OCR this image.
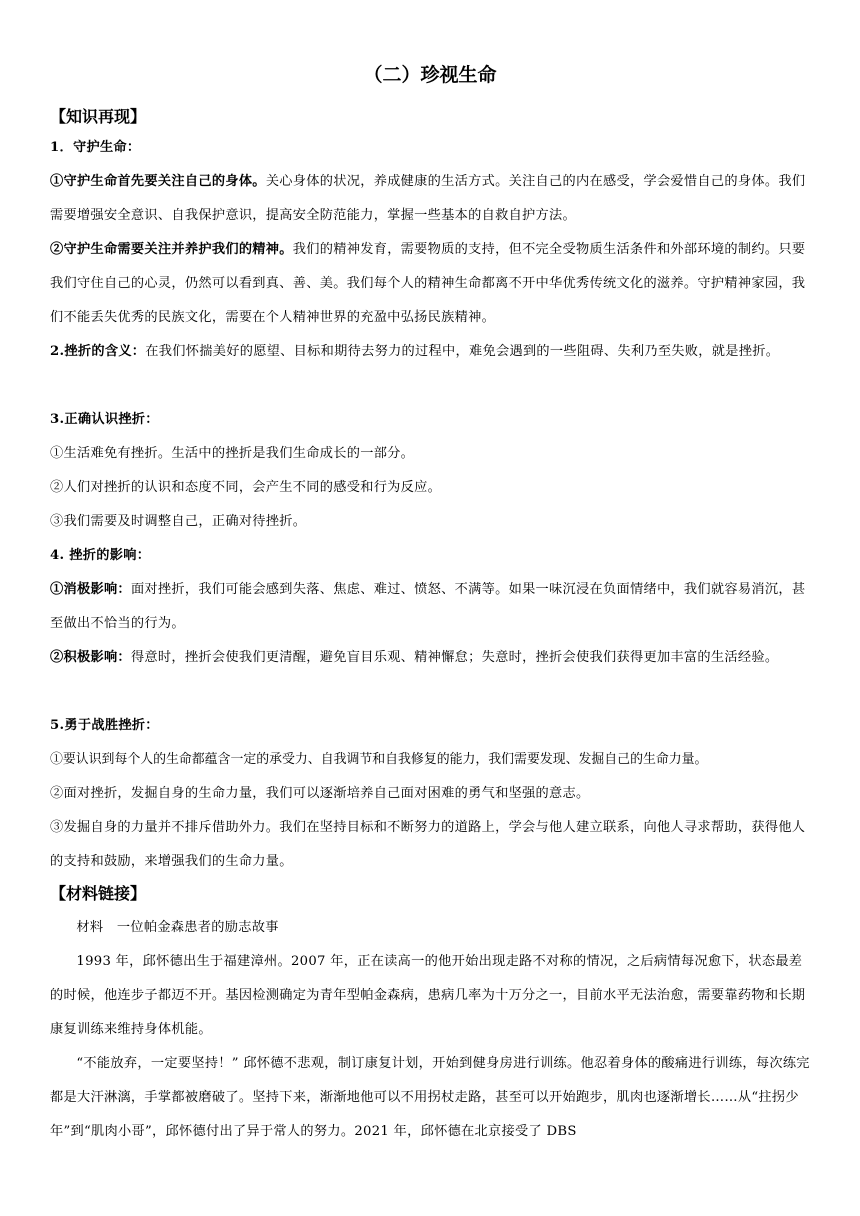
（二）珍视生命
【知识再现】
1．守护生命：
①守护生命首先要关注自己的身体。关心身体的状况，养成健康的生活方式。关注自己的内在感受，学会爱惜自己的身体。我们需要增强安全意识、自我保护意识，提高安全防范能力，掌握一些基本的自救自护方法。
②守护生命需要关注并养护我们的精神。我们的精神发育，需要物质的支持，但不完全受物质生活条件和外部环境的制约。只要我们守住自己的心灵，仍然可以看到真、善、美。我们每个人的精神生命都离不开中华优秀传统文化的滋养。守护精神家园，我们不能丢失优秀的民族文化，需要在个人精神世界的充盈中弘扬民族精神。
2.挫折的含义：在我们怀揣美好的愿望、目标和期待去努力的过程中，难免会遇到的一些阻碍、失利乃至失败，就是挫折。
3.正确认识挫折：
①生活难免有挫折。生活中的挫折是我们生命成长的一部分。
②人们对挫折的认识和态度不同，会产生不同的感受和行为反应。
③我们需要及时调整自己，正确对待挫折。
4. 挫折的影响：
①消极影响：面对挫折，我们可能会感到失落、焦虑、难过、愤怒、不满等。如果一味沉浸在负面情绪中，我们就容易消沉，甚至做出不恰当的行为。
②积极影响：得意时，挫折会使我们更清醒，避免盲目乐观、精神懈怠；失意时，挫折会使我们获得更加丰富的生活经验。
5.勇于战胜挫折：
①要认识到每个人的生命都蕴含一定的承受力、自我调节和自我修复的能力，我们需要发现、发掘自己的生命力量。
②面对挫折，发掘自身的生命力量，我们可以逐渐培养自己面对困难的勇气和坚强的意志。
③发掘自身的力量并不排斥借助外力。我们在坚持目标和不断努力的道路上，学会与他人建立联系，向他人寻求帮助，获得他人的支持和鼓励，来增强我们的生命力量。
【材料链接】
材料　一位帕金森患者的励志故事
1993 年，邱怀德出生于福建漳州。2007 年，正在读高一的他开始出现走路不对称的情况，之后病情每况愈下，状态最差的时候，他连步子都迈不开。基因检测确定为青年型帕金森病，患病几率为十万分之一，目前水平无法治愈，需要靠药物和长期康复训练来维持身体机能。
“不能放弃，一定要坚持！” 邱怀德不悲观，制订康复计划，开始到健身房进行训练。他忍着身体的酸痛进行训练，每次练完都是大汗淋漓，手掌都被磨破了。坚持下来，渐渐地他可以不用拐杖走路，甚至可以开始跑步，肌肉也逐渐增长……从“拄拐少年”到“肌肉小哥”，邱怀德付出了异于常人的努力。2021 年，邱怀德在北京接受了 DBS
